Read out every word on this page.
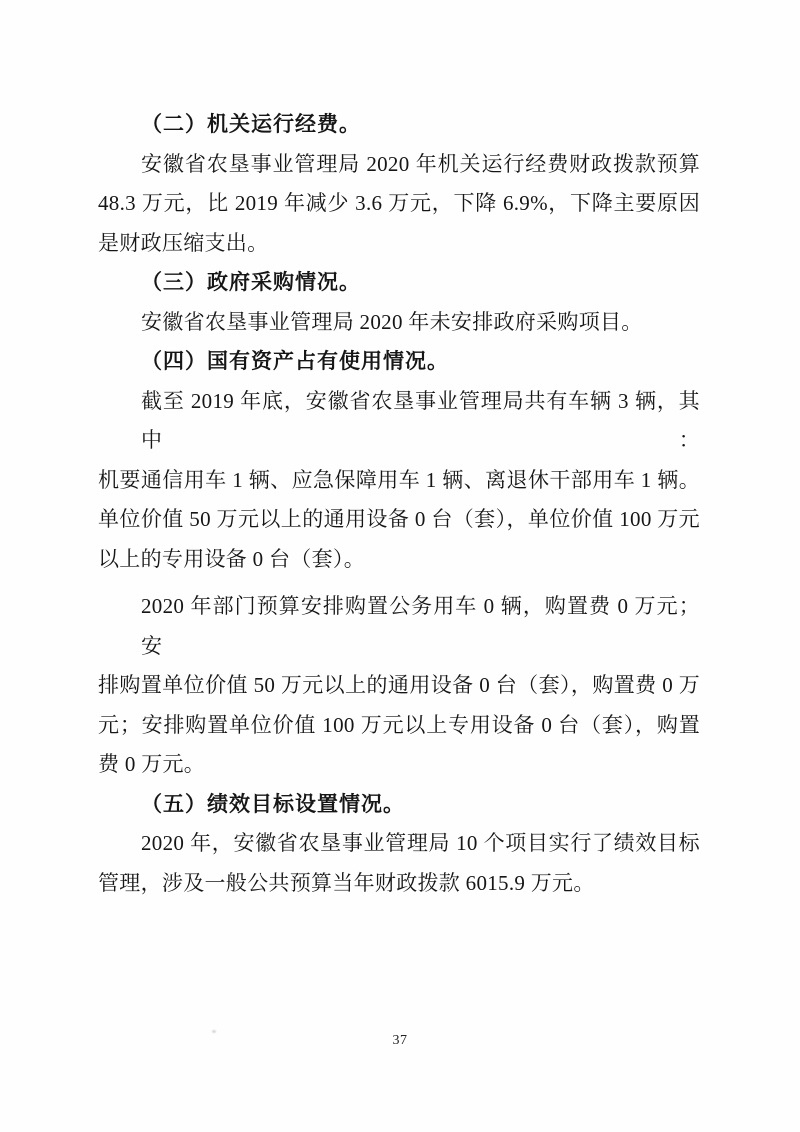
（二）机关运行经费。
安徽省农垦事业管理局 2020 年机关运行经费财政拨款预算
48.3 万元，比 2019 年减少 3.6 万元，下降 6.9%，下降主要原因
是财政压缩支出。
（三）政府采购情况。
安徽省农垦事业管理局 2020 年未安排政府采购项目。
（四）国有资产占有使用情况。
截至 2019 年底，安徽省农垦事业管理局共有车辆 3 辆，其中：
机要通信用车 1 辆、应急保障用车 1 辆、离退休干部用车 1 辆。
单位价值 50 万元以上的通用设备 0 台（套），单位价值 100 万元
以上的专用设备 0 台（套）。
2020 年部门预算安排购置公务用车 0 辆，购置费 0 万元；安
排购置单位价值 50 万元以上的通用设备 0 台（套），购置费 0 万
元；安排购置单位价值 100 万元以上专用设备 0 台（套），购置
费 0 万元。
（五）绩效目标设置情况。
2020 年，安徽省农垦事业管理局 10 个项目实行了绩效目标
管理，涉及一般公共预算当年财政拨款 6015.9 万元。
37
